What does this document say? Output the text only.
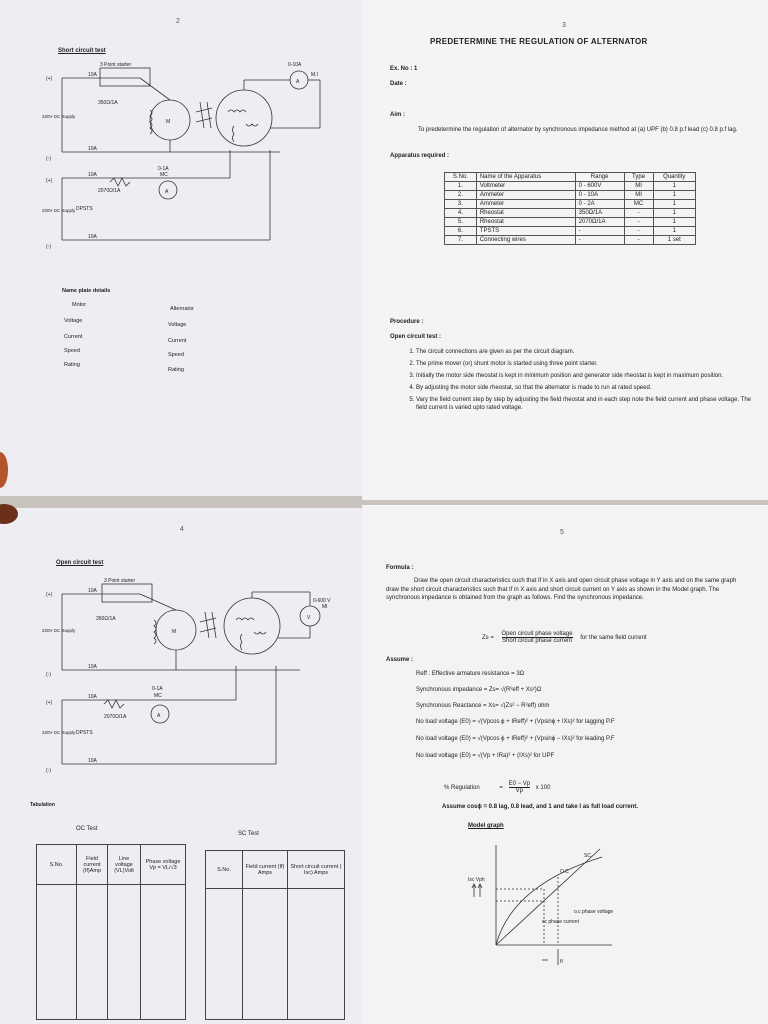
2
Short circuit test
3 Point starter
10A
10A
10A
10A
350Ω/1A
2070Ω/1A
0-10A
M.I
A
0-1A
MC
A
M
DPSTS
(+)
(-)
(+)
(-)
220V DC Supply
220V DC Supply
Name plate details
Motor
Alternator
Voltage
Current
Speed
Rating
Voltage
Current
Speed
Rating
3
PREDETERMINE THE REGULATION OF ALTERNATOR
Ex. No : 1
Date :
Aim :
To predetermine the regulation of alternator by synchronous impedance method at (a) UPF (b) 0.8 p.f lead (c) 0.8 p.f lag.
Apparatus required :
S.No.	Name of the Apparatus	Range	Type	Quantity
1.	Voltmeter	0 - 600V	MI	1
2.	Ammeter	0 - 10A	MI	1
3.	Ammeter	0 - 2A	MC	1
4.	Rheostat	350Ω/1A	-	1
5.	Rheostat	2070Ω/1A	-	1
6.	TPSTS	-	-	1
7.	Connecting wires	-	-	1 set
Procedure :
Open circuit test :
1. The circuit connections are given as per the circuit diagram.
2. The prime mover (or) shunt motor is started using three point starter.
3. Initially the motor side rheostat is kept in minimum position and generator side rheostat is kept in maximum position.
4. By adjusting the motor side rheostat, so that the alternator is made to run at rated speed.
5. Vary the field current step by step by adjusting the field rheostat and in each step note the field current and phase voltage. The field current is varied upto rated voltage.
4
Open circuit test
3 Point starter
10A
10A
10A
10A
350Ω/1A
2070Ω/1A
0-600 V
MI
V
0-1A
MC
A
M
DPSTS
(+)
(-)
(+)
(-)
220V DC Supply
220V DC Supply
Tabulation
OC Test
SC Test
S.No.	Field current (If)Amp	Line voltage (VL)Volt	Phase voltage Vp = VL/√3
				S.No.	Field current (If) Amps	Short circuit current ( Isc) Amps

5
Formula :
Draw the open circuit characteristics such that If in X axis and open circuit phase voltage in Y axis and on the same graph draw the short circuit characteristics such that If in X axis and short circuit current on Y axis as shown in the Model graph. The synchronous impedance is obtained from the graph as follows. Find the synchronous impedance.
Zs =
Open circuit phase voltage
Short circuit phase current for the same field current
Assume :
Reff : Effective armature resistance = 3Ω
Synchronous impedance = Zs= √(R²eff + Xs²)Ω
Synchronous Reactance = Xs= √(Zs² − R²eff) ohm
No load voltage (E0) = √(Vpcos ϕ + IReff)² + (Vpsinϕ + IXs)² for lagging P.F
No load voltage (E0) = √(Vpcos ϕ + IReff)² + (Vpsinϕ − IXs)² for leading P.F
No load voltage (E0) = √(Vp + IRa)² + (IXs)² for UPF
% Regulation	= $\frac{E0 - Vp}{Vp}$ x 100
Assume cosϕ = 0.8 lag, 0.8 lead, and 1 and take I as full load current.
Model graph
Isc Vph
If
O.C
SC
o.c phase voltage
sc phase current
